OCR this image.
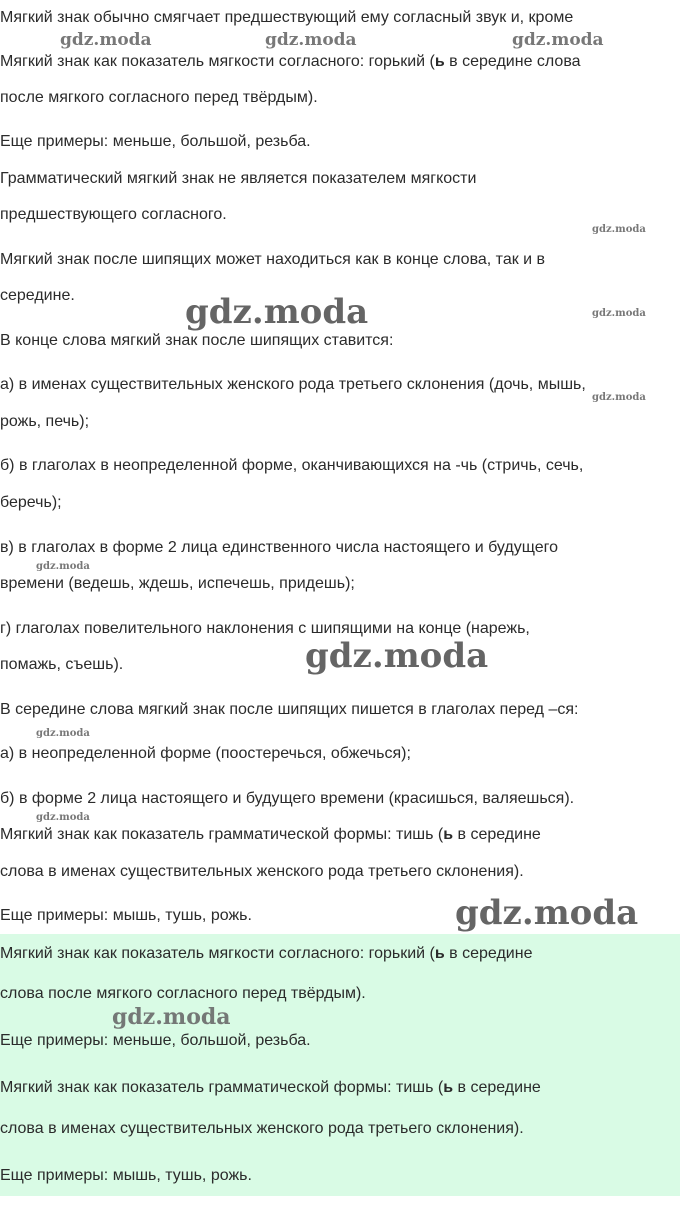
Мягкий знак обычно смягчает предшествующий ему согласный звук и, кроме
Мягкий знак как показатель мягкости согласного: горький (ь в середине слова
после мягкого согласного перед твёрдым).
Еще примеры: меньше, большой, резьба.
Грамматический мягкий знак не является показателем мягкости
предшествующего согласного.
Мягкий знак после шипящих может находиться как в конце слова, так и в
середине.
В конце слова мягкий знак после шипящих ставится:
а) в именах существительных женского рода третьего склонения (дочь, мышь,
рожь, печь);
б) в глаголах в неопределенной форме, оканчивающихся на -чь (стричь, сечь,
беречь);
в) в глаголах в форме 2 лица единственного числа настоящего и будущего
времени (ведешь, ждешь, испечешь, придешь);
г) глаголах повелительного наклонения с шипящими на конце (нарежь,
помажь, съешь).
В середине слова мягкий знак после шипящих пишется в глаголах перед –ся:
а) в неопределенной форме (поостеречься, обжечься);
б) в форме 2 лица настоящего и будущего времени (красишься, валяешься).
Мягкий знак как показатель грамматической формы: тишь (ь в середине
слова в именах существительных женского рода третьего склонения).
Еще примеры: мышь, тушь, рожь.
Мягкий знак как показатель мягкости согласного: горький (ь в середине
слова после мягкого согласного перед твёрдым).
Еще примеры: меньше, большой, резьба.
Мягкий знак как показатель грамматической формы: тишь (ь в середине
слова в именах существительных женского рода третьего склонения).
Еще примеры: мышь, тушь, рожь.
gdz.moda	gdz.moda	gdz.moda
gdz.moda
gdz.moda	gdz.moda
gdz.moda
gdz.moda
gdz.moda
gdz.moda
gdz.moda
gdz.moda
gdz.moda
